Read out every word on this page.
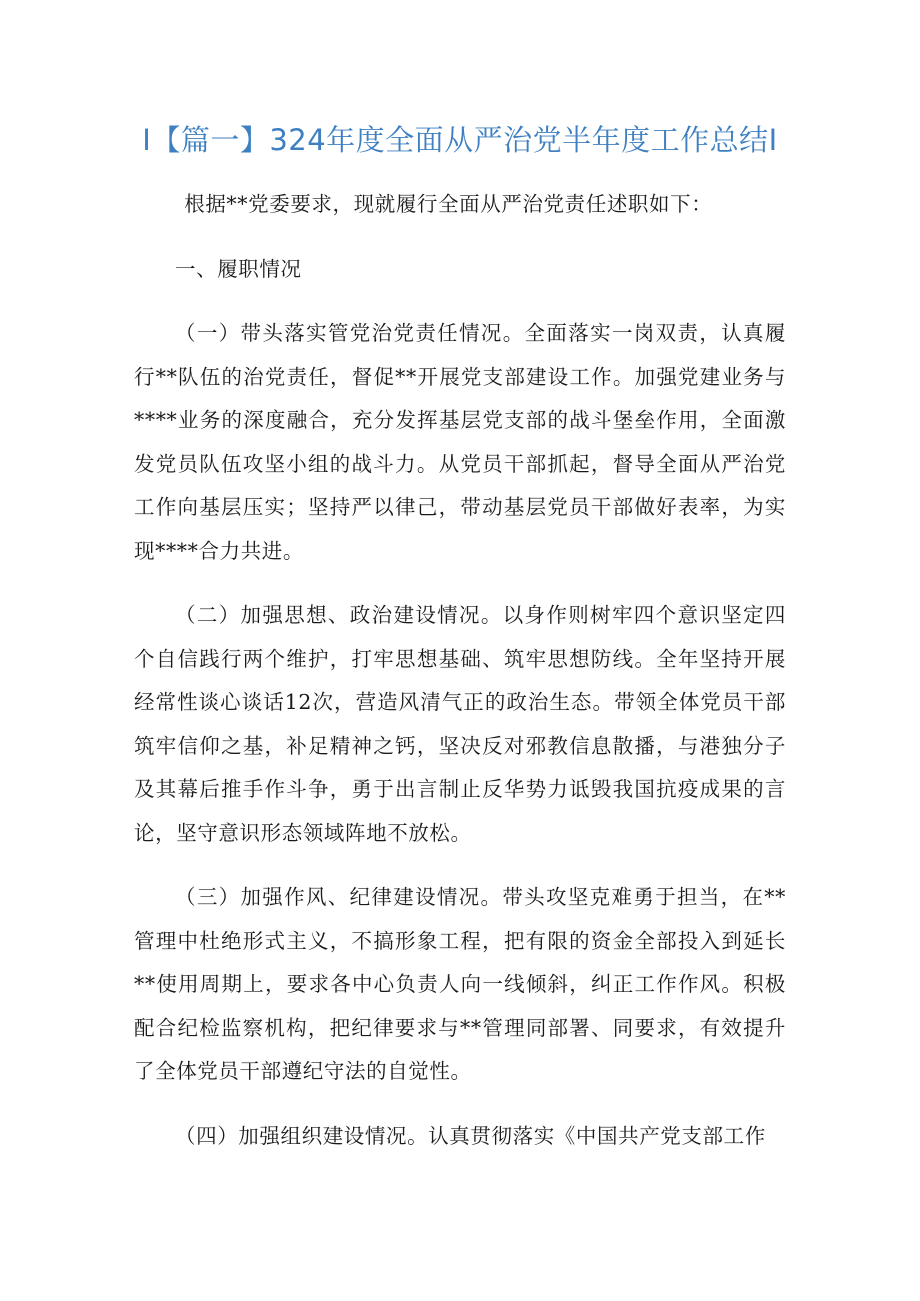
I【篇一】324年度全面从严治党半年度工作总结I

根据**党委要求，现就履行全面从严治党责任述职如下：

一、履职情况

（一）带头落实管党治党责任情况。全面落实一岗双责，认真履行**队伍的治党责任，督促**开展党支部建设工作。加强党建业务与****业务的深度融合，充分发挥基层党支部的战斗堡垒作用，全面激发党员队伍攻坚小组的战斗力。从党员干部抓起，督导全面从严治党工作向基层压实；坚持严以律己，带动基层党员干部做好表率，为实现****合力共进。

（二）加强思想、政治建设情况。以身作则树牢四个意识坚定四个自信践行两个维护，打牢思想基础、筑牢思想防线。全年坚持开展经常性谈心谈话12次，营造风清气正的政治生态。带领全体党员干部筑牢信仰之基，补足精神之钙，坚决反对邪教信息散播，与港独分子及其幕后推手作斗争，勇于出言制止反华势力诋毁我国抗疫成果的言论，坚守意识形态领域阵地不放松。

（三）加强作风、纪律建设情况。带头攻坚克难勇于担当，在**管理中杜绝形式主义，不搞形象工程，把有限的资金全部投入到延长**使用周期上，要求各中心负责人向一线倾斜，纠正工作作风。积极配合纪检监察机构，把纪律要求与**管理同部署、同要求，有效提升了全体党员干部遵纪守法的自觉性。

（四）加强组织建设情况。认真贯彻落实《中国共产党支部工作
